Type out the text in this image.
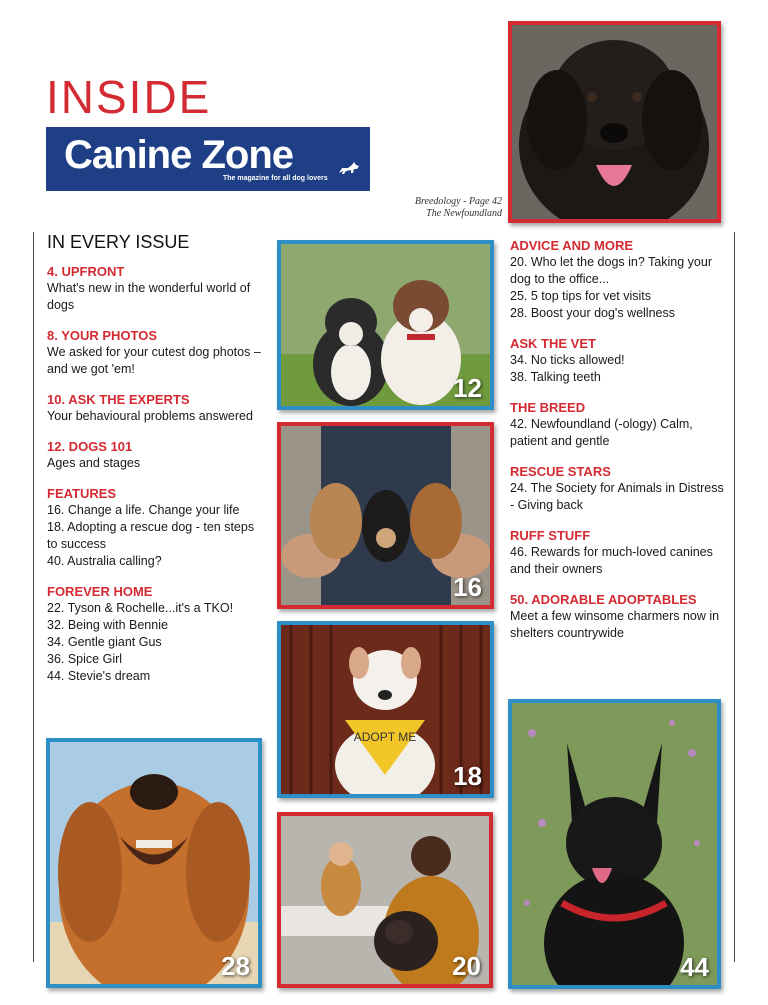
INSIDE
Canine Zone
The magazine for all dog lovers
Breedology - Page 42
The Newfoundland
IN EVERY ISSUE
4. UPFRONT
What's new in the wonderful world of dogs
8. YOUR PHOTOS
We asked for your cutest dog photos – and we got 'em!
10. ASK THE EXPERTS
Your behavioural problems answered
12. DOGS 101
Ages and stages
FEATURES
16. Change a life. Change your life
18. Adopting a rescue dog - ten steps to success
40. Australia calling?
FOREVER HOME
22. Tyson & Rochelle...it's a TKO!
32. Being with Bennie
34. Gentle giant Gus
36. Spice Girl
44. Stevie's dream
ADVICE AND MORE
20. Who let the dogs in? Taking your dog to the office...
25. 5 top tips for vet visits
28. Boost your dog's wellness
ASK THE VET
34. No ticks allowed!
38. Talking teeth
THE BREED
42. Newfoundland (-ology) Calm, patient and gentle
RESCUE STARS
24. The Society for Animals in Distress - Giving back
RUFF STUFF
46. Rewards for much-loved canines and their owners
50. ADORABLE ADOPTABLES
Meet a few winsome charmers now in shelters countrywide
12
16
ADOPT ME
18
28	20	44
